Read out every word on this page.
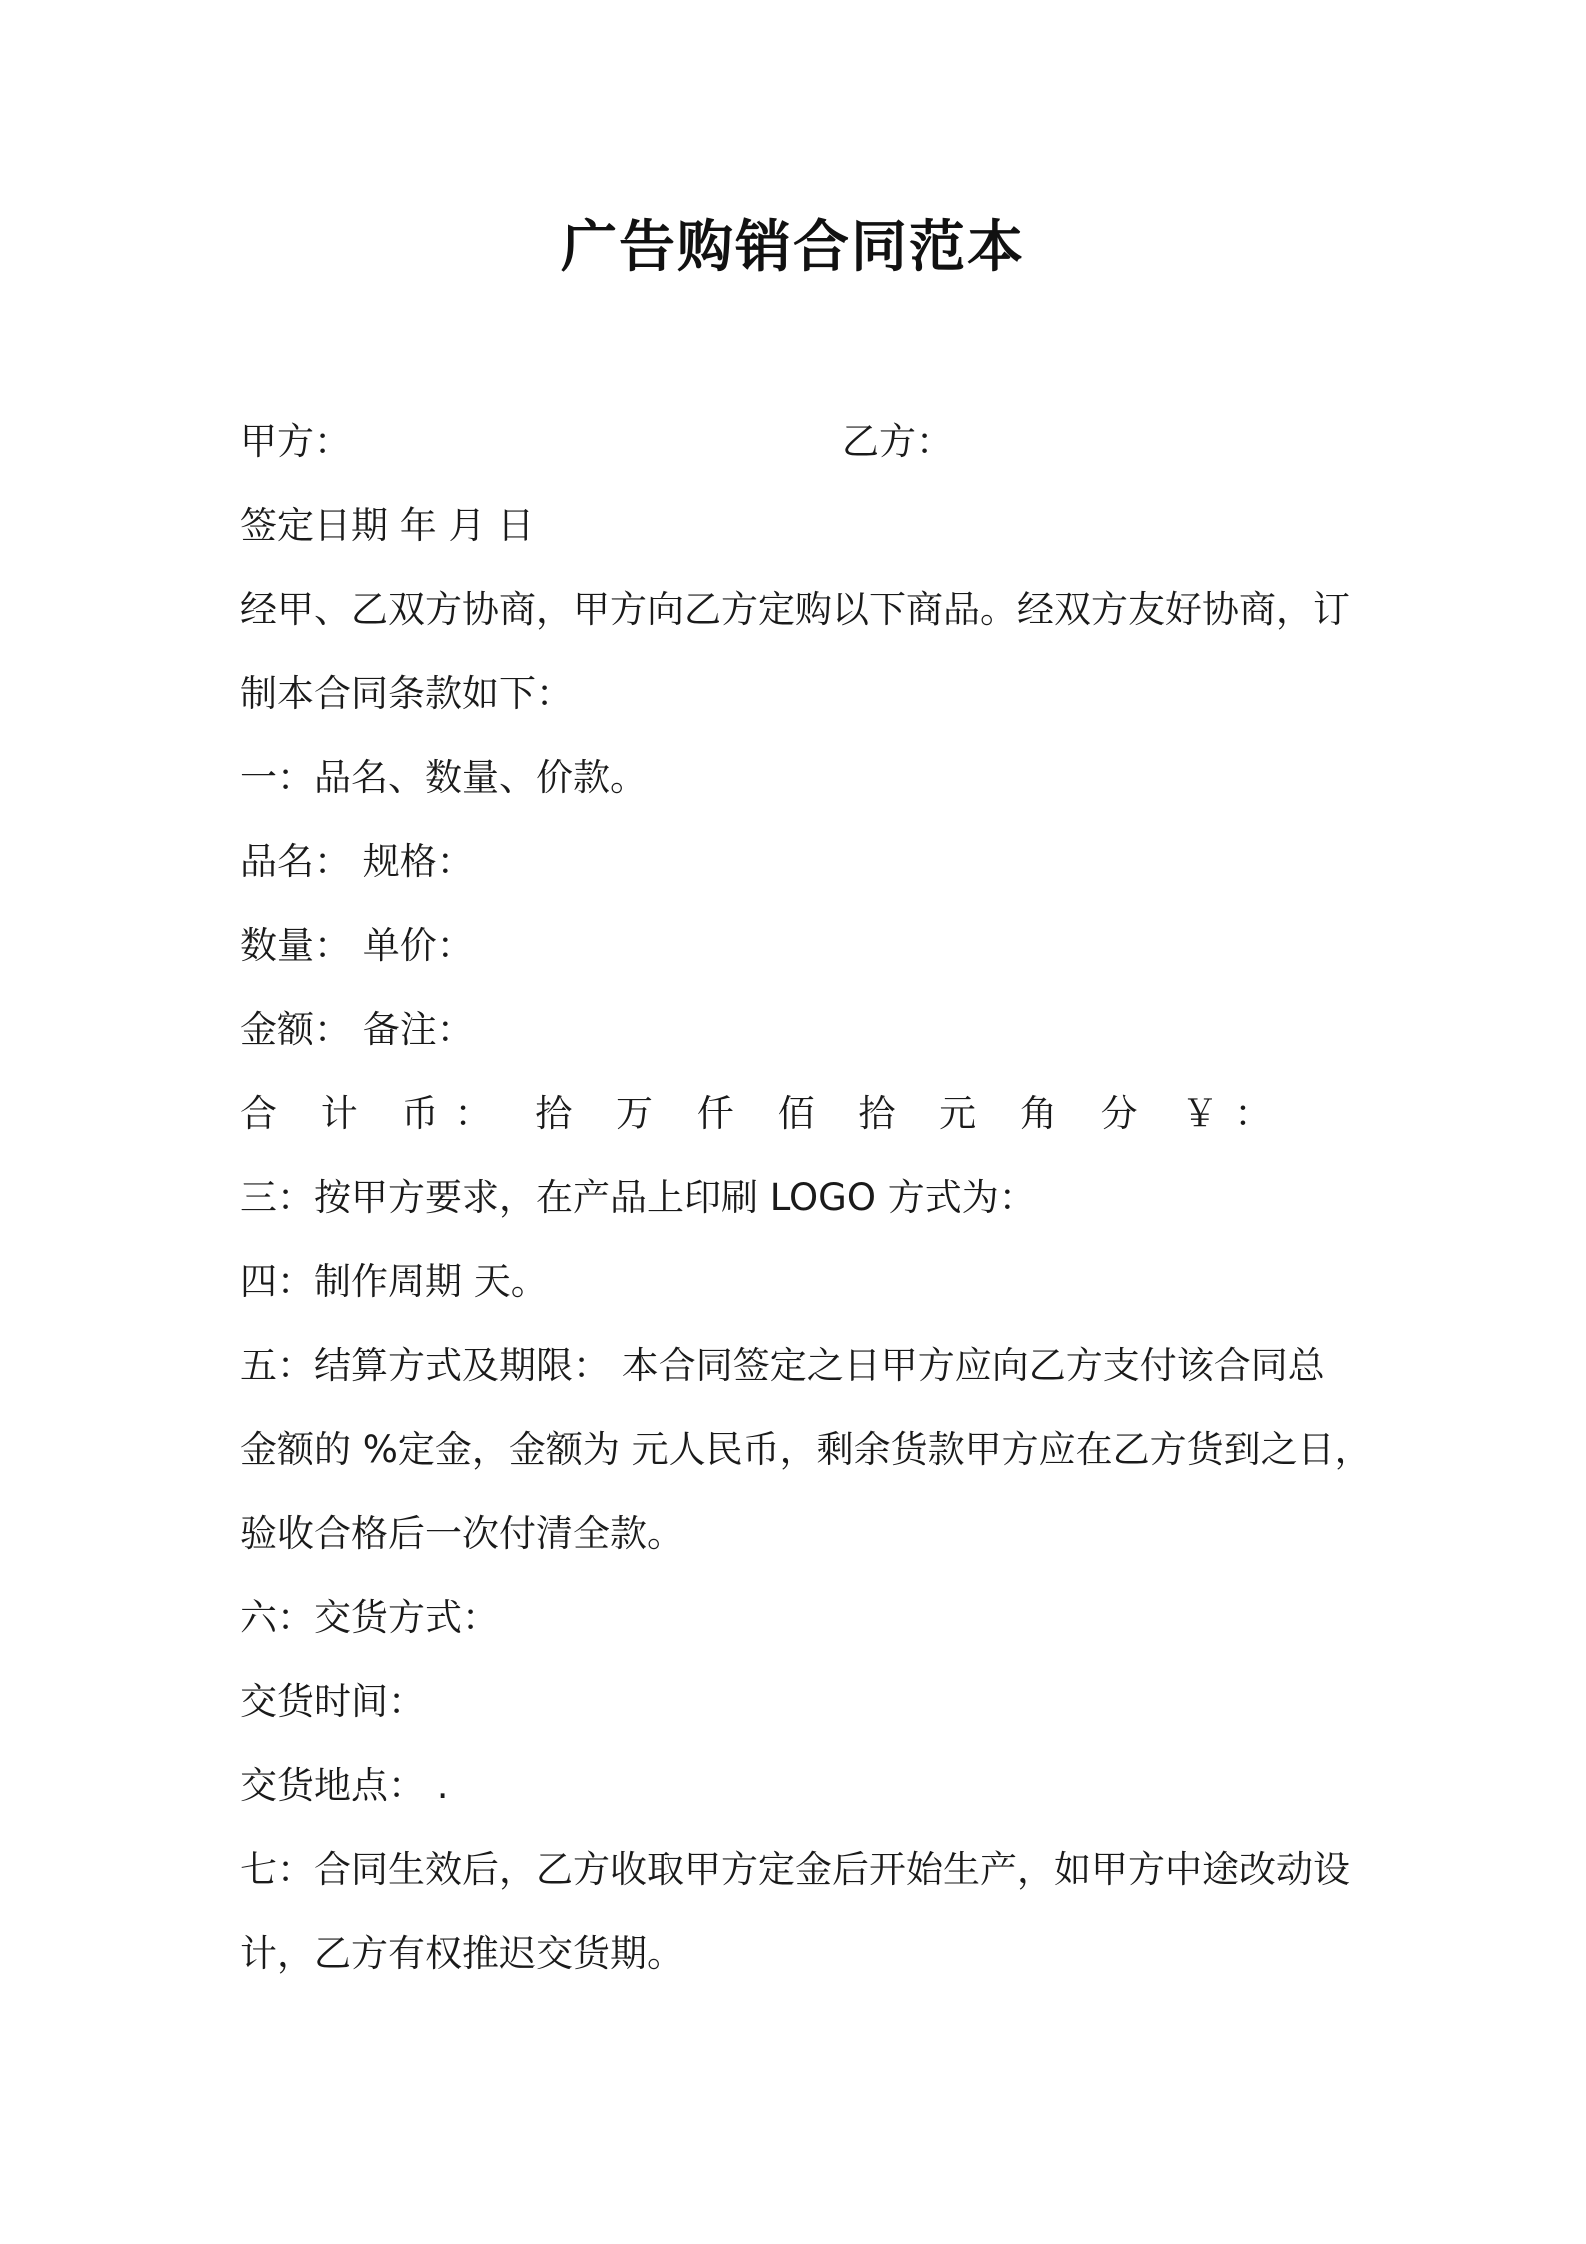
广告购销合同范本
甲方：	乙方：
签定日期 年 月 日
经甲、乙双方协商，甲方向乙方定购以下商品。经双方友好协商，订
制本合同条款如下：
一：品名、数量、价款。
品名： 规格：
数量： 单价：
金额： 备注：
合 计 币： 拾 万 仟 佰 拾 元 角 分 ￥：
三：按甲方要求，在产品上印刷 LOGO 方式为：
四：制作周期 天。
五：结算方式及期限： 本合同签定之日甲方应向乙方支付该合同总
金额的 %定金，金额为 元人民币，剩余货款甲方应在乙方货到之日，
验收合格后一次付清全款。
六：交货方式：
交货时间：
交货地点： .
七：合同生效后，乙方收取甲方定金后开始生产，如甲方中途改动设
计，乙方有权推迟交货期。
